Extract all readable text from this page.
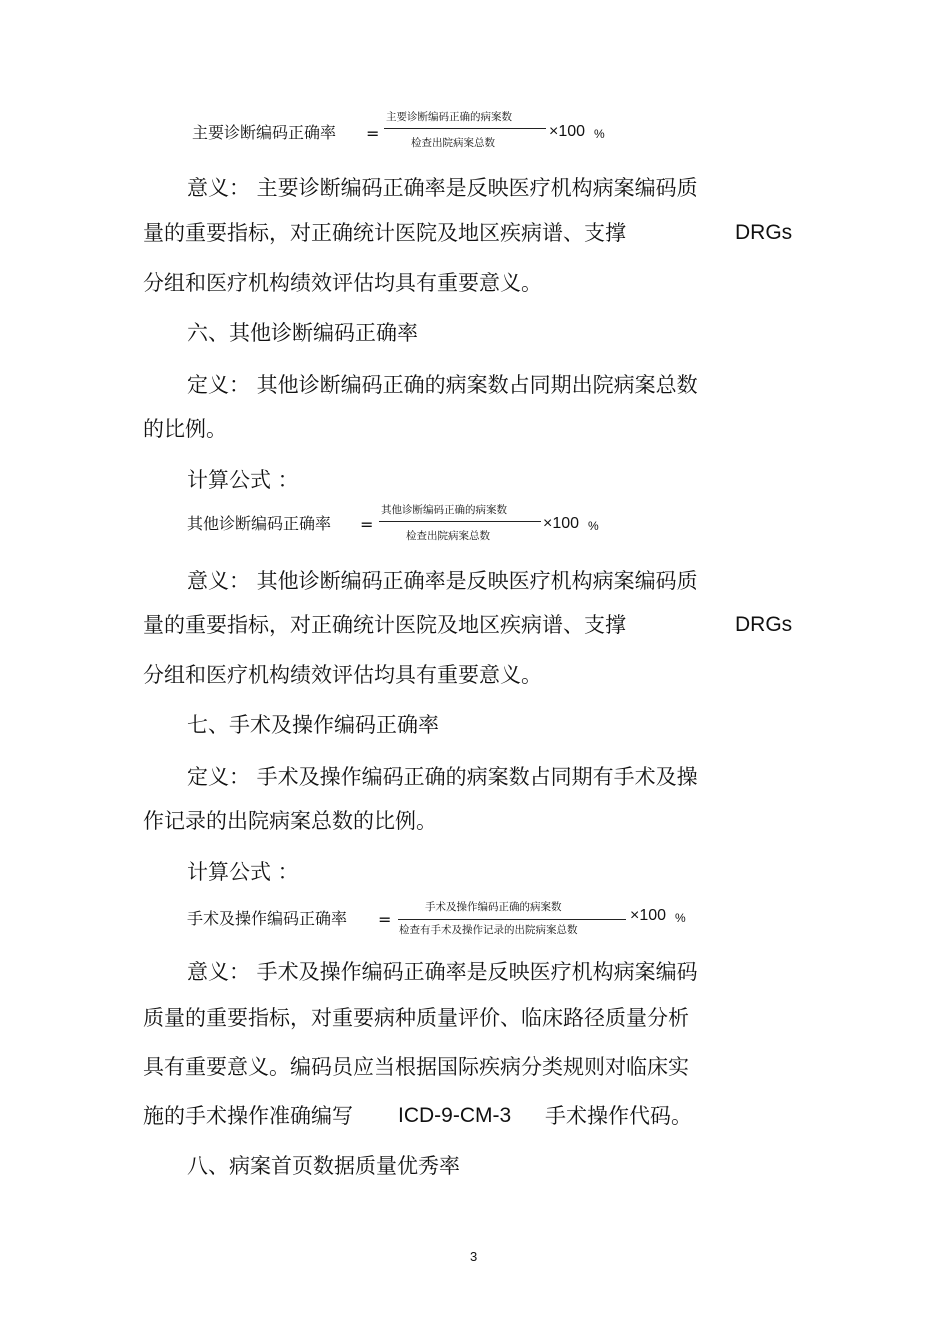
主要诊断编码正确率 =
主要诊断编码正确的病案数
检查出院病案总数
×100 %
意义： 主要诊断编码正确率是反映医疗机构病案编码质
量的重要指标，对正确统计医院及地区疾病谱、支撑	DRGs
分组和医疗机构绩效评估均具有重要意义。
六、其他诊断编码正确率
定义： 其他诊断编码正确的病案数占同期出院病案总数
的比例。
计算公式 ：
其他诊断编码正确率 =
其他诊断编码正确的病案数
检查出院病案总数
×100 %
意义： 其他诊断编码正确率是反映医疗机构病案编码质
量的重要指标，对正确统计医院及地区疾病谱、支撑	DRGs
分组和医疗机构绩效评估均具有重要意义。
七、手术及操作编码正确率
定义： 手术及操作编码正确的病案数占同期有手术及操
作记录的出院病案总数的比例。
计算公式 ：
手术及操作编码正确率 =
手术及操作编码正确的病案数
检查有手术及操作记录的出院病案总数
×100 %
意义： 手术及操作编码正确率是反映医疗机构病案编码
质量的重要指标，对重要病种质量评价、临床路径质量分析
具有重要意义。编码员应当根据国际疾病分类规则对临床实
施的手术操作准确编写 ICD-9-CM-3 手术操作代码。
八、病案首页数据质量优秀率
3
